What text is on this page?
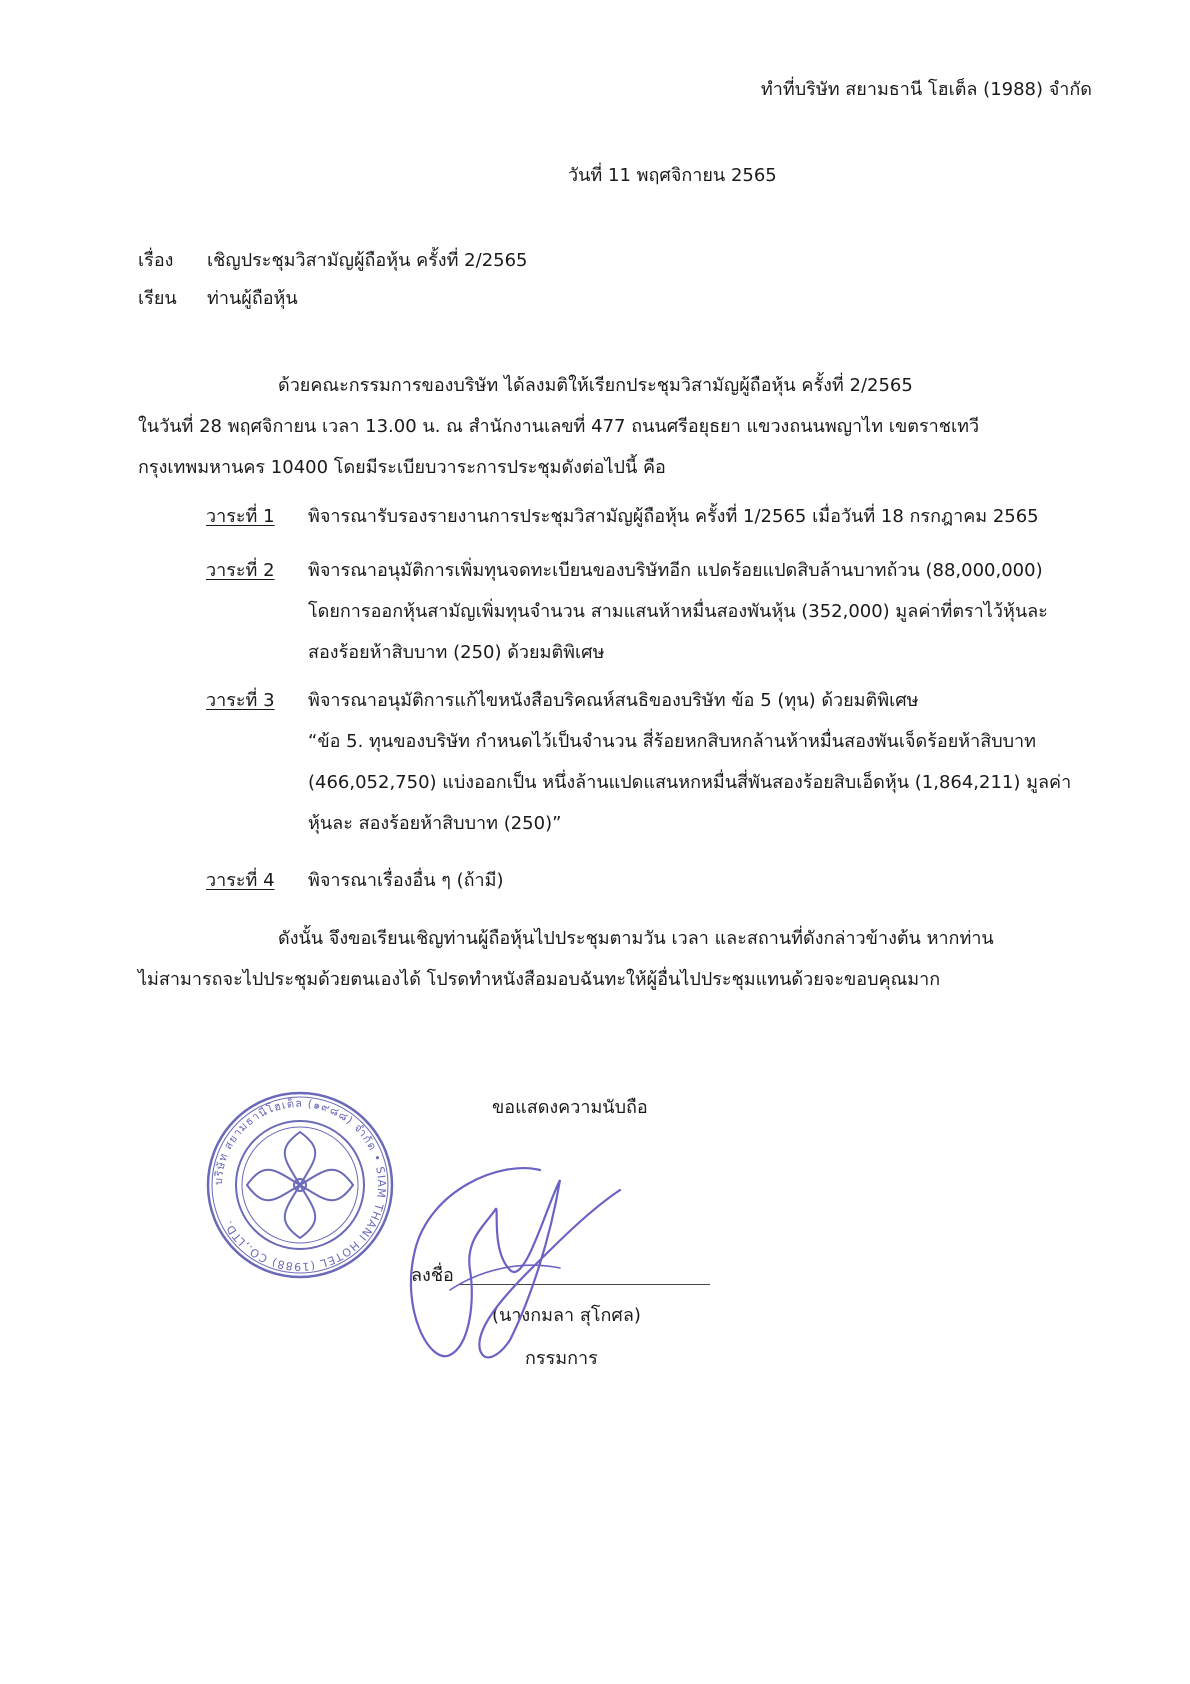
ทำที่บริษัท สยามธานี โฮเต็ล (1988) จำกัด
วันที่ 11 พฤศจิกายน 2565
เรื่อง เชิญประชุมวิสามัญผู้ถือหุ้น ครั้งที่ 2/2565
เรียน ท่านผู้ถือหุ้น

ด้วยคณะกรรมการของบริษัท ได้ลงมติให้เรียกประชุมวิสามัญผู้ถือหุ้น ครั้งที่ 2/2565

ในวันที่ 28 พฤศจิกายน เวลา 13.00 น. ณ สำนักงานเลขที่ 477 ถนนศรีอยุธยา แขวงถนนพญาไท เขตราชเทวี

กรุงเทพมหานคร 10400 โดยมีระเบียบวาระการประชุมดังต่อไปนี้ คือ

วาระที่ 1 พิจารณารับรองรายงานการประชุมวิสามัญผู้ถือหุ้น ครั้งที่ 1/2565 เมื่อวันที่ 18 กรกฎาคม 2565

วาระที่ 2 พิจารณาอนุมัติการเพิ่มทุนจดทะเบียนของบริษัทอีก แปดร้อยแปดสิบล้านบาทถ้วน (88,000,000)

โดยการออกหุ้นสามัญเพิ่มทุนจำนวน สามแสนห้าหมื่นสองพันหุ้น (352,000) มูลค่าที่ตราไว้หุ้นละ

สองร้อยห้าสิบบาท (250) ด้วยมติพิเศษ

วาระที่ 3 พิจารณาอนุมัติการแก้ไขหนังสือบริคณห์สนธิของบริษัท ข้อ 5 (ทุน) ด้วยมติพิเศษ

“ข้อ 5. ทุนของบริษัท กำหนดไว้เป็นจำนวน สี่ร้อยหกสิบหกล้านห้าหมื่นสองพันเจ็ดร้อยห้าสิบบาท

(466,052,750) แบ่งออกเป็น หนึ่งล้านแปดแสนหกหมื่นสี่พันสองร้อยสิบเอ็ดหุ้น (1,864,211) มูลค่า

หุ้นละ สองร้อยห้าสิบบาท (250)”

วาระที่ 4 พิจารณาเรื่องอื่น ๆ (ถ้ามี)

ดังนั้น จึงขอเรียนเชิญท่านผู้ถือหุ้นไปประชุมตามวัน เวลา และสถานที่ดังกล่าวข้างต้น หากท่าน

ไม่สามารถจะไปประชุมด้วยตนเองได้ โปรดทำหนังสือมอบฉันทะให้ผู้อื่นไปประชุมแทนด้วยจะขอบคุณมาก

บริษัท สยามธานีโฮเต็ล (๑๙๘๘) จำกัด • SIAM THANI HOTEL (1988) CO.,LTD.
ขอแสดงความนับถือ
ลงชื่อ
(นางกมลา สุโกศล)
กรรมการ
